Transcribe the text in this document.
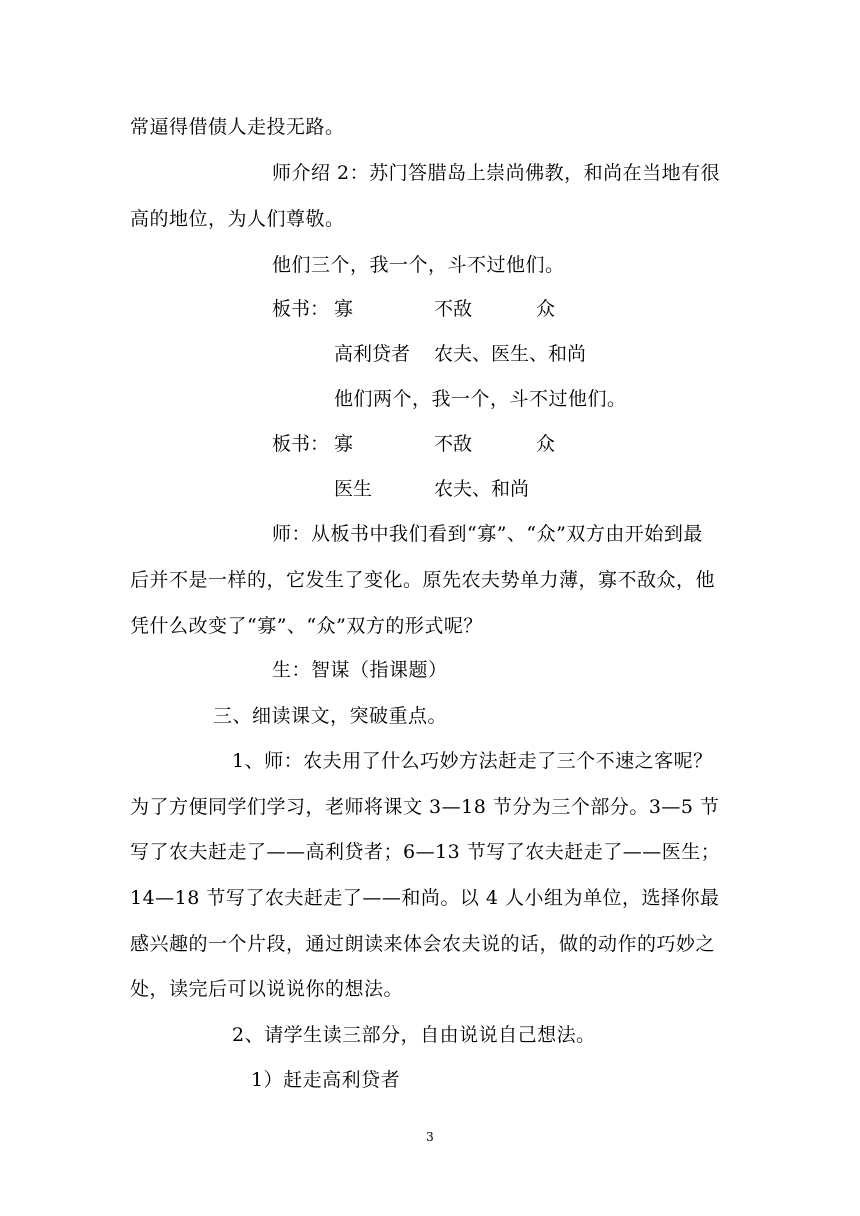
常逼得借债人走投无路。
师介绍 2：苏门答腊岛上崇尚佛教，和尚在当地有很
高的地位，为人们尊敬。
他们三个，我一个，斗不过他们。
板书： 寡	不敌	众
高利贷者 农夫、医生、和尚
他们两个，我一个，斗不过他们。
板书： 寡	不敌	众
医生	农夫、和尚
师：从板书中我们看到“寡”、“众”双方由开始到最
后并不是一样的，它发生了变化。原先农夫势单力薄，寡不敌众，他
凭什么改变了“寡”、“众”双方的形式呢？
生：智谋（指课题）
三、细读课文，突破重点。
1、师：农夫用了什么巧妙方法赶走了三个不速之客呢？
为了方便同学们学习，老师将课文 3—18 节分为三个部分。3—5 节
写了农夫赶走了——高利贷者；6—13 节写了农夫赶走了——医生；
14—18 节写了农夫赶走了——和尚。以 4 人小组为单位，选择你最
感兴趣的一个片段，通过朗读来体会农夫说的话，做的动作的巧妙之
处，读完后可以说说你的想法。
2、请学生读三部分，自由说说自己想法。
1）赶走高利贷者
3
